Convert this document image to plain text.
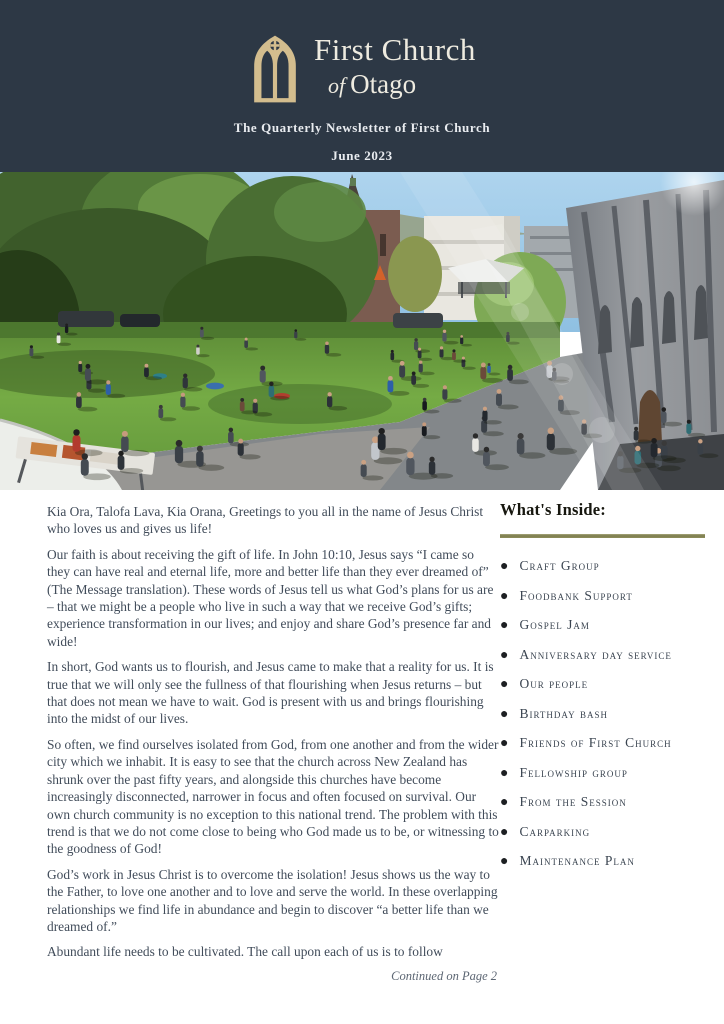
First Church
of Otago
The Quarterly Newsletter of First Church
June 2023

Kia Ora, Talofa Lava, Kia Orana, Greetings to you all in the name of Jesus Christ who loves us and gives us life!

Our faith is about receiving the gift of life. In John 10:10, Jesus says “I came so they can have real and eternal life, more and better life than they ever dreamed of” (The Message translation). These words of Jesus tell us what God’s plans for us are – that we might be a people who live in such a way that we receive God’s gifts; experience transformation in our lives; and enjoy and share God’s presence far and wide!

In short, God wants us to flourish, and Jesus came to make that a reality for us. It is true that we will only see the fullness of that flourishing when Jesus returns – but that does not mean we have to wait. God is present with us and brings flourishing into the midst of our lives.

So often, we find ourselves isolated from God, from one another and from the wider city which we inhabit. It is easy to see that the church across New Zealand has shrunk over the past fifty years, and alongside this churches have become increasingly disconnected, narrower in focus and often focused on survival. Our own church community is no exception to this national trend. The problem with this trend is that we do not come close to being who God made us to be, or witnessing to the goodness of God!

God’s work in Jesus Christ is to overcome the isolation! Jesus shows us the way to the Father, to love one another and to love and serve the world. In these overlapping relationships we find life in abundance and begin to discover “a better life than we dreamed of.”

Abundant life needs to be cultivated. The call upon each of us is to follow

Continued on Page 2
What's Inside:
● Craft Group
● Foodbank Support
● Gospel Jam
● Anniversary day service
● Our people
● Birthday bash
● Friends of First Church
● Fellowship group
● From the Session
● Carparking
● Maintenance Plan
